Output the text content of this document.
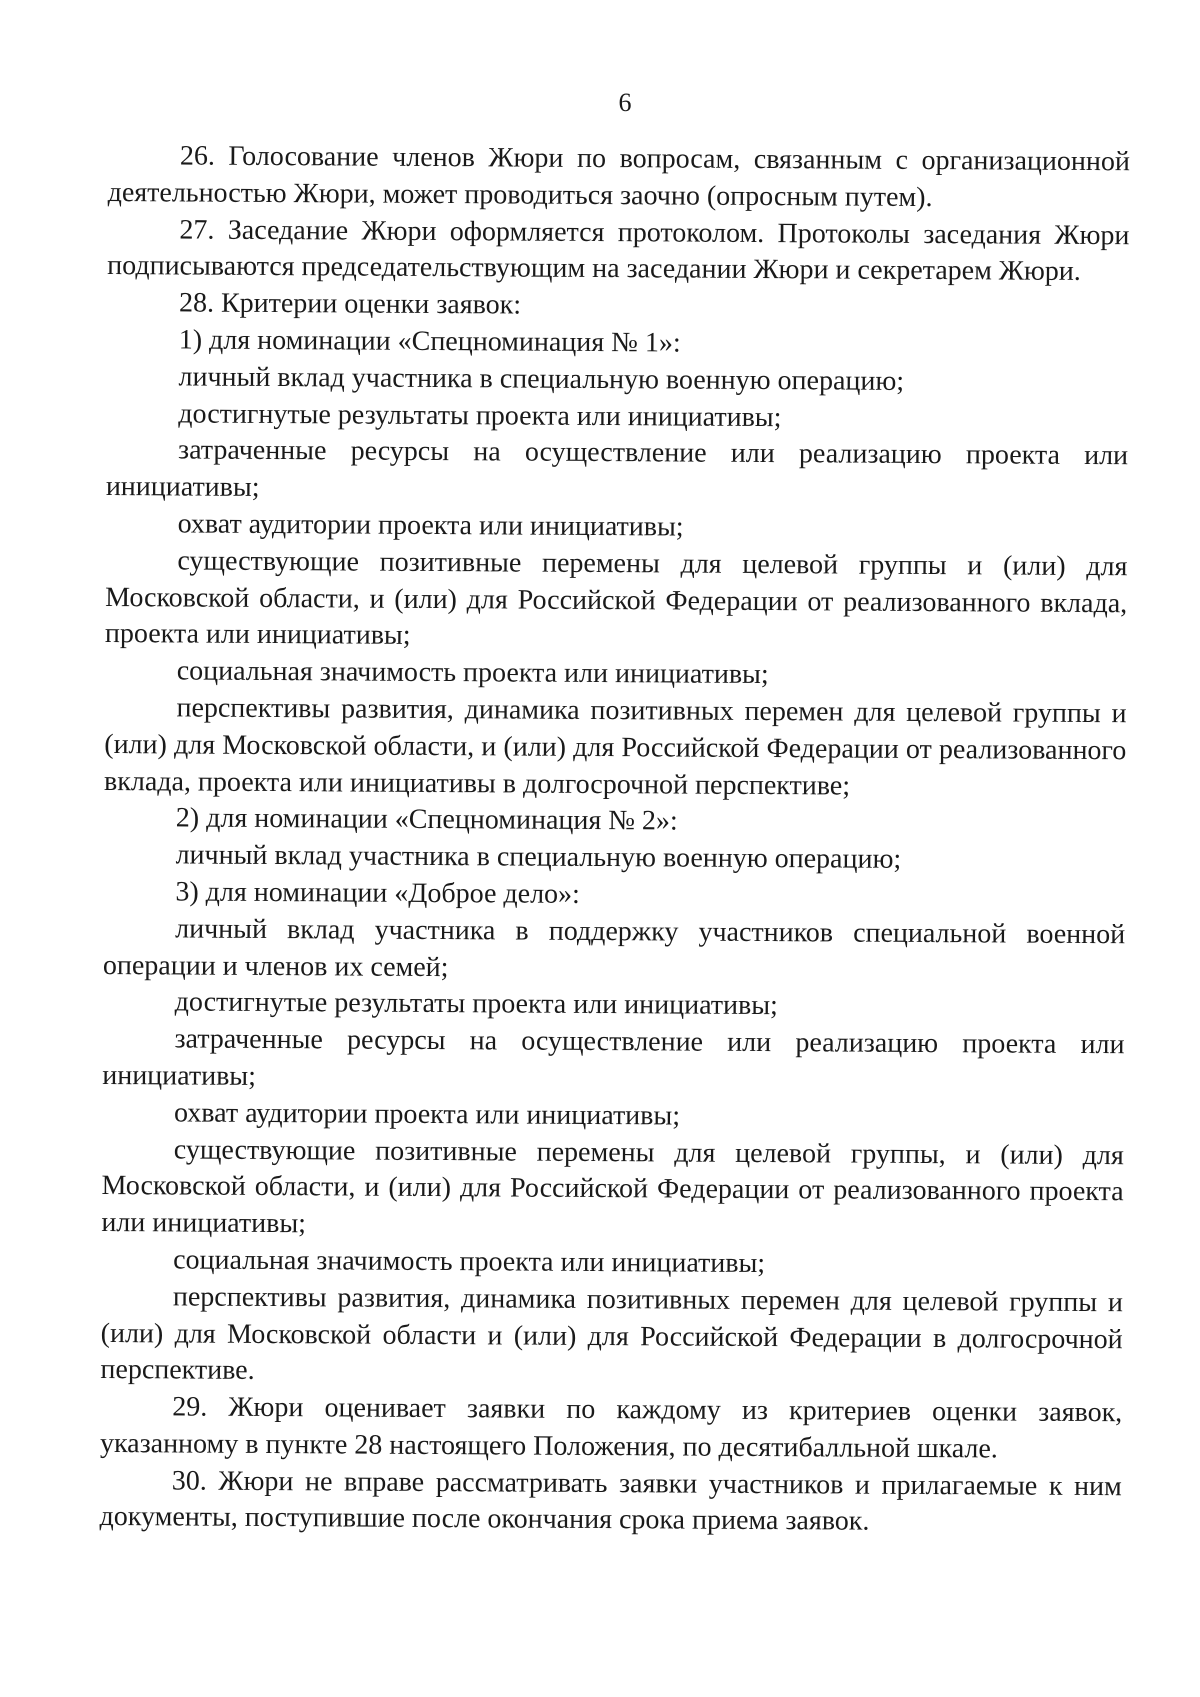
6

26. Голосование членов Жюри по вопросам, связанным с организационной деятельностью Жюри, может проводиться заочно (опросным путем).

27. Заседание Жюри оформляется протоколом. Протоколы заседания Жюри подписываются председательствующим на заседании Жюри и секретарем Жюри.

28. Критерии оценки заявок:

1) для номинации «Спецноминация № 1»:

личный вклад участника в специальную военную операцию;

достигнутые результаты проекта или инициативы;

затраченные ресурсы на осуществление или реализацию проекта или инициативы;

охват аудитории проекта или инициативы;

существующие позитивные перемены для целевой группы и (или) для Московской области, и (или) для Российской Федерации от реализованного вклада, проекта или инициативы;

социальная значимость проекта или инициативы;

перспективы развития, динамика позитивных перемен для целевой группы и (или) для Московской области, и (или) для Российской Федерации от реализованного вклада, проекта или инициативы в долгосрочной перспективе;

2) для номинации «Спецноминация № 2»:

личный вклад участника в специальную военную операцию;

3) для номинации «Доброе дело»:

личный вклад участника в поддержку участников специальной военной операции и членов их семей;

достигнутые результаты проекта или инициативы;

затраченные ресурсы на осуществление или реализацию проекта или инициативы;

охват аудитории проекта или инициативы;

существующие позитивные перемены для целевой группы, и (или) для Московской области, и (или) для Российской Федерации от реализованного проекта или инициативы;

социальная значимость проекта или инициативы;

перспективы развития, динамика позитивных перемен для целевой группы и (или) для Московской области и (или) для Российской Федерации в долгосрочной перспективе.

29. Жюри оценивает заявки по каждому из критериев оценки заявок, указанному в пункте 28 настоящего Положения, по десятибалльной шкале.

30. Жюри не вправе рассматривать заявки участников и прилагаемые к ним документы, поступившие после окончания срока приема заявок.
